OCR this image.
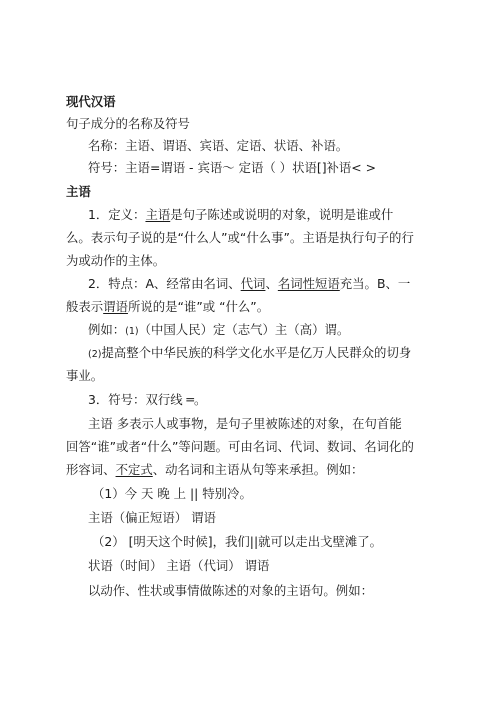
现代汉语
句子成分的名称及符号
名称：主语、谓语、宾语、定语、状语、补语。
符号：主语=谓语 - 宾语～ 定语（ ）状语[]补语< >
主语
1．定义：主语是句子陈述或说明的对象，说明是谁或什
么。表示句子说的是“什么人”或“什么事”。主语是执行句子的行
为或动作的主体。
2．特点：A、经常由名词、代词、名词性短语充当。B、一
般表示谓语所说的是“谁”或 “什么”。
例如：(1)（中国人民）定（志气）主（高）谓。
(2)提高整个中华民族的科学文化水平是亿万人民群众的切身
事业。
3．符号：双行线 ═。
主语 多表示人或事物，是句子里被陈述的对象，在句首能
回答“谁”或者“什么”等问题。可由名词、代词、数词、名词化的
形容词、不定式、动名词和主语从句等来承担。例如：
（1）今 天 晚 上 || 特别冷。
主语（偏正短语） 谓语
（2） [明天这个时候]，我们||就可以走出戈壁滩了。
状语（时间） 主语（代词） 谓语
以动作、性状或事情做陈述的对象的主语句。例如：
